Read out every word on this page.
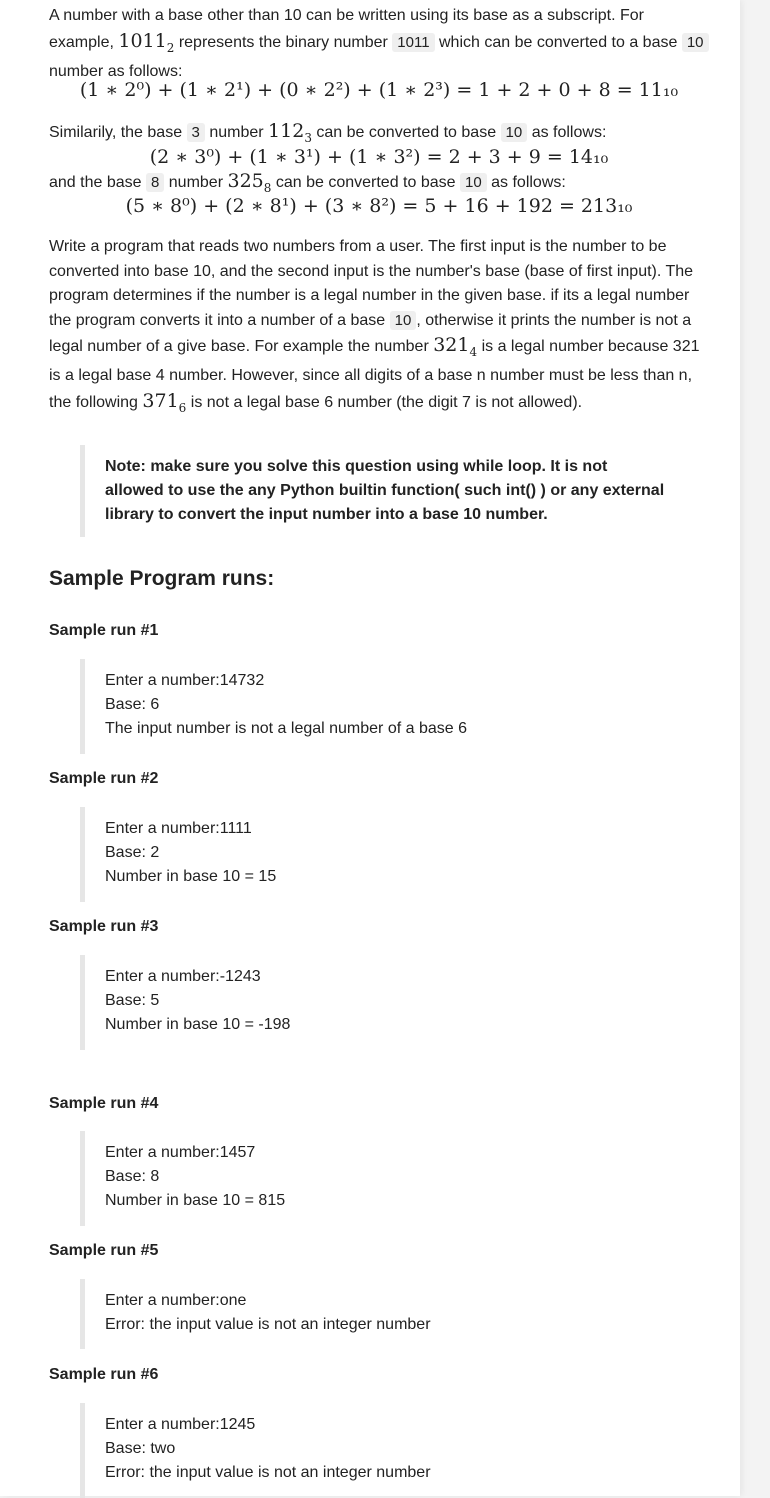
A number with a base other than 10 can be written using its base as a subscript. For example, $1011_2$ represents the binary number 1011 which can be converted to a base 10 number as follows:

(1 ∗ 2⁰) + (1 ∗ 2¹) + (0 ∗ 2²) + (1 ∗ 2³) = 1 + 2 + 0 + 8 = 11₁₀

Similarily, the base 3 number $112_3$ can be converted to base 10 as follows:

(2 ∗ 3⁰) + (1 ∗ 3¹) + (1 ∗ 3²) = 2 + 3 + 9 = 14₁₀

and the base 8 number $325_8$ can be converted to base 10 as follows:

(5 ∗ 8⁰) + (2 ∗ 8¹) + (3 ∗ 8²) = 5 + 16 + 192 = 213₁₀

Write a program that reads two numbers from a user. The first input is the number to be converted into base 10, and the second input is the number's base (base of first input). The program determines if the number is a legal number in the given base. if its a legal number the program converts it into a number of a base 10 , otherwise it prints the number is not a legal number of a give base. For example the number $321_4$ is a legal number because 321 is a legal base 4 number. However, since all digits of a base n number must be less than n, the following $371_6$ is not a legal base 6 number (the digit 7 is not allowed).

Note: make sure you solve this question using while loop. It is not allowed to use the any Python builtin function( such int() ) or any external library to convert the input number into a base 10 number.
Sample Program runs:
Sample run #1
Enter a number:14732
Base: 6
The input number is not a legal number of a base 6
Sample run #2
Enter a number:1111
Base: 2
Number in base 10 = 15
Sample run #3
Enter a number:-1243
Base: 5
Number in base 10 = -198
Sample run #4
Enter a number:1457
Base: 8
Number in base 10 = 815
Sample run #5
Enter a number:one
Error: the input value is not an integer number
Sample run #6
Enter a number:1245
Base: two
Error: the input value is not an integer number
